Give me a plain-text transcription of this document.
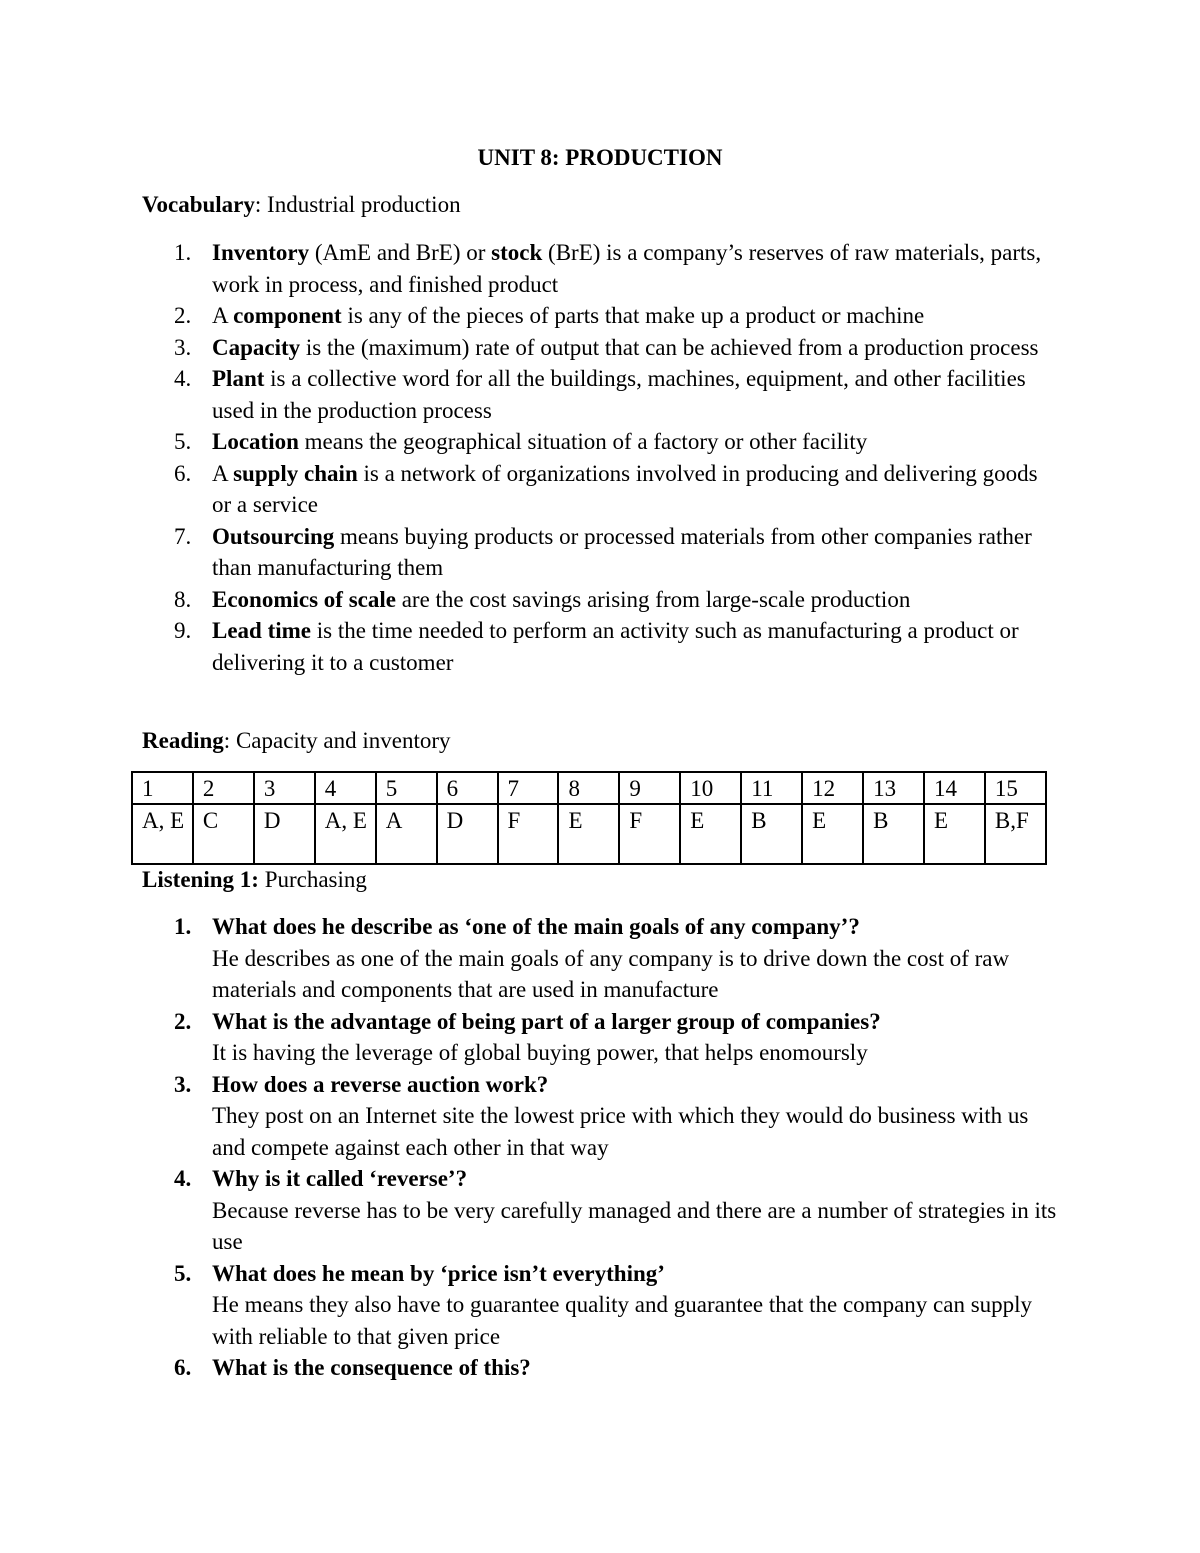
UNIT 8: PRODUCTION
Vocabulary: Industrial production
1. Inventory (AmE and BrE) or stock (BrE) is a company’s reserves of raw materials, parts, work in process, and finished product
2. A component is any of the pieces of parts that make up a product or machine
3. Capacity is the (maximum) rate of output that can be achieved from a production process
4. Plant is a collective word for all the buildings, machines, equipment, and other facilities used in the production process
5. Location means the geographical situation of a factory or other facility
6. A supply chain is a network of organizations involved in producing and delivering goods or a service
7. Outsourcing means buying products or processed materials from other companies rather than manufacturing them
8. Economics of scale are the cost savings arising from large-scale production
9. Lead time is the time needed to perform an activity such as manufacturing a product or delivering it to a customer
Reading: Capacity and inventory
1	2	3	4	5	6	7	8	9	10	11	12	13	14	15
A, E	C	D	A, E	A	D	F	E	F	E	B	E	B	E	B,F
Listening 1: Purchasing
1. What does he describe as ‘one of the main goals of any company’?
He describes as one of the main goals of any company is to drive down the cost of raw materials and components that are used in manufacture
2. What is the advantage of being part of a larger group of companies?
It is having the leverage of global buying power, that helps enomoursly
3. How does a reverse auction work?
They post on an Internet site the lowest price with which they would do business with us and compete against each other in that way
4. Why is it called ‘reverse’?
Because reverse has to be very carefully managed and there are a number of strategies in its use
5. What does he mean by ‘price isn’t everything’
He means they also have to guarantee quality and guarantee that the company can supply with reliable to that given price
6. What is the consequence of this?
